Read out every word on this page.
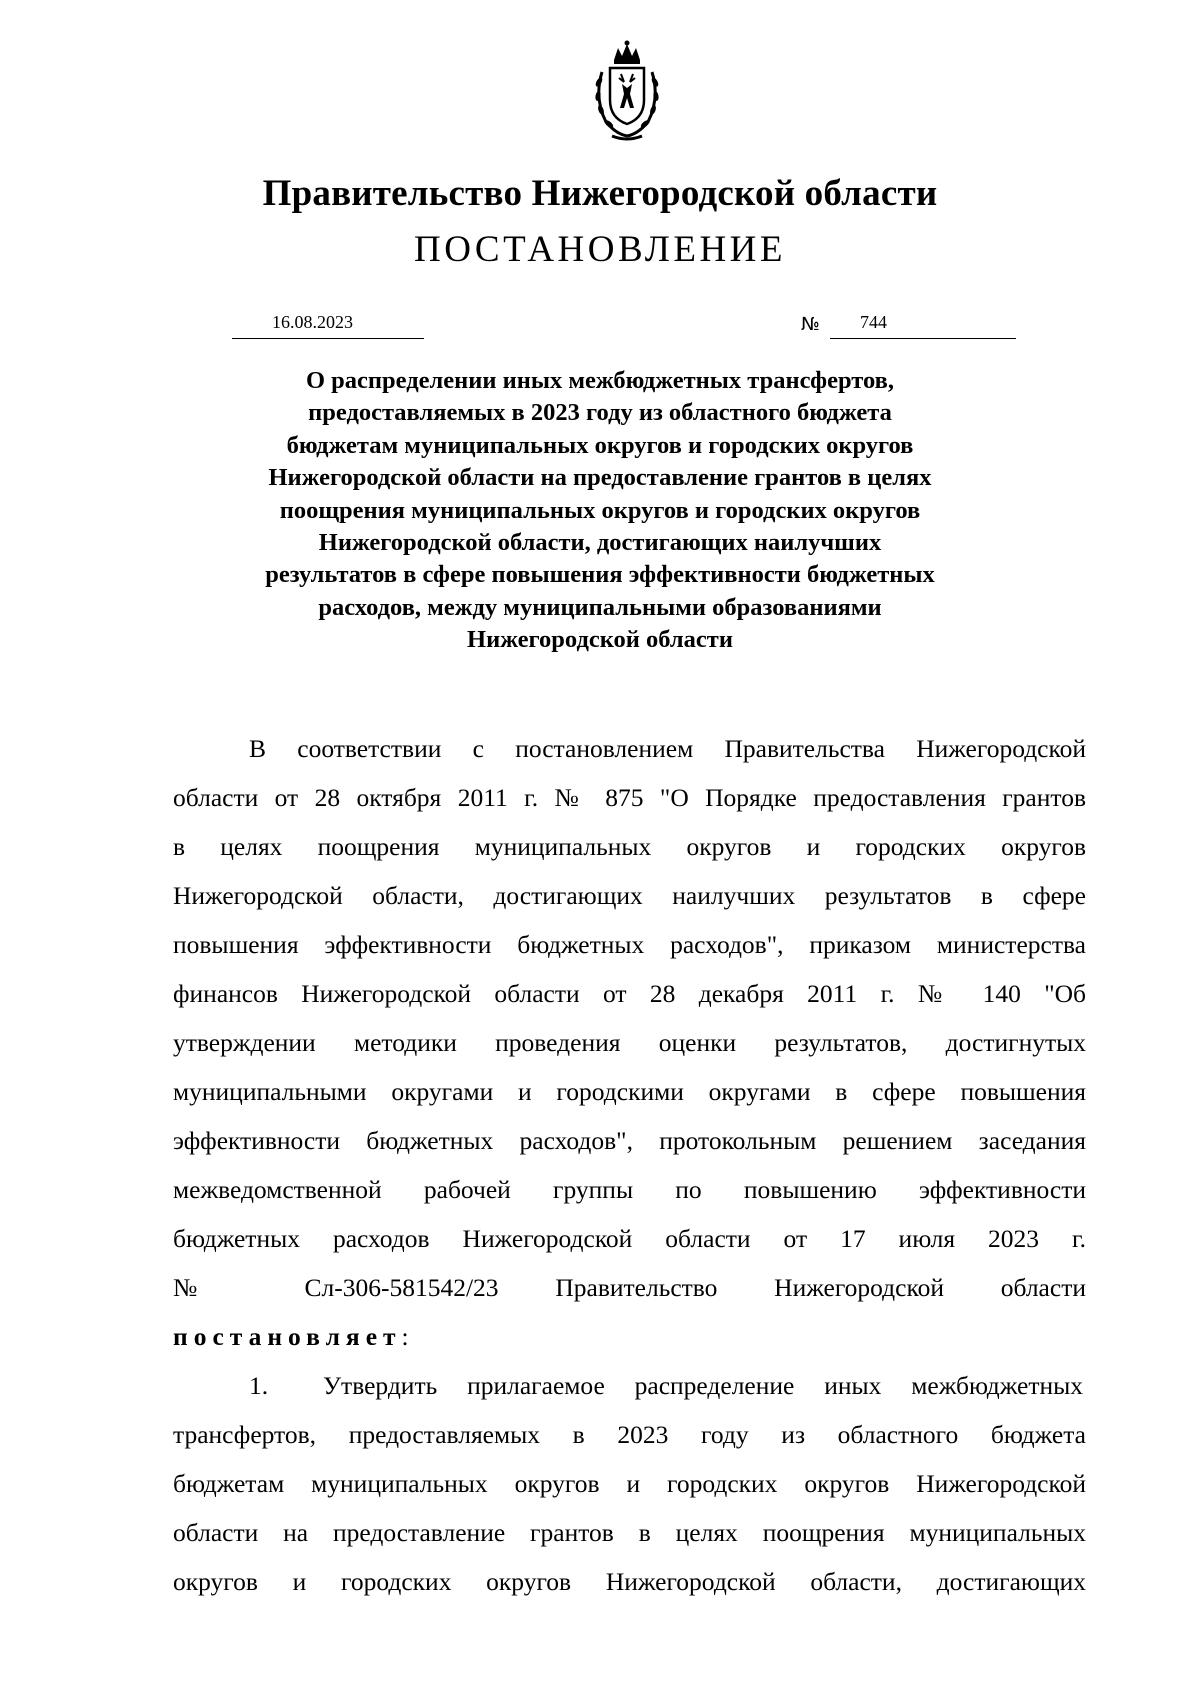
Правительство Нижегородской области
ПОСТАНОВЛЕНИЕ
16.08.2023	№ 744
О распределении иных межбюджетных трансфертов,
предоставляемых в 2023 году из областного бюджета
бюджетам муниципальных округов и городских округов
Нижегородской области на предоставление грантов в целях
поощрения муниципальных округов и городских округов
Нижегородской области, достигающих наилучших
результатов в сфере повышения эффективности бюджетных
расходов, между муниципальными образованиями
Нижегородской области
В соответствии с постановлением Правительства Нижегородской
области от 28 октября 2011 г. № 875 "О Порядке предоставления грантов
в целях поощрения муниципальных округов и городских округов
Нижегородской области, достигающих наилучших результатов в сфере
повышения эффективности бюджетных расходов", приказом министерства
финансов Нижегородской области от 28 декабря 2011 г. № 140 "Об
утверждении методики проведения оценки результатов, достигнутых
муниципальными округами и городскими округами в сфере повышения
эффективности бюджетных расходов", протокольным решением заседания
межведомственной рабочей группы по повышению эффективности
бюджетных расходов Нижегородской области от 17 июля 2023 г.
№ Сл-306-581542/23 Правительство Нижегородской области
постановляет:
1. Утвердить прилагаемое распределение иных межбюджетных
трансфертов, предоставляемых в 2023 году из областного бюджета
бюджетам муниципальных округов и городских округов Нижегородской
области на предоставление грантов в целях поощрения муниципальных
округов и городских округов Нижегородской области, достигающих
